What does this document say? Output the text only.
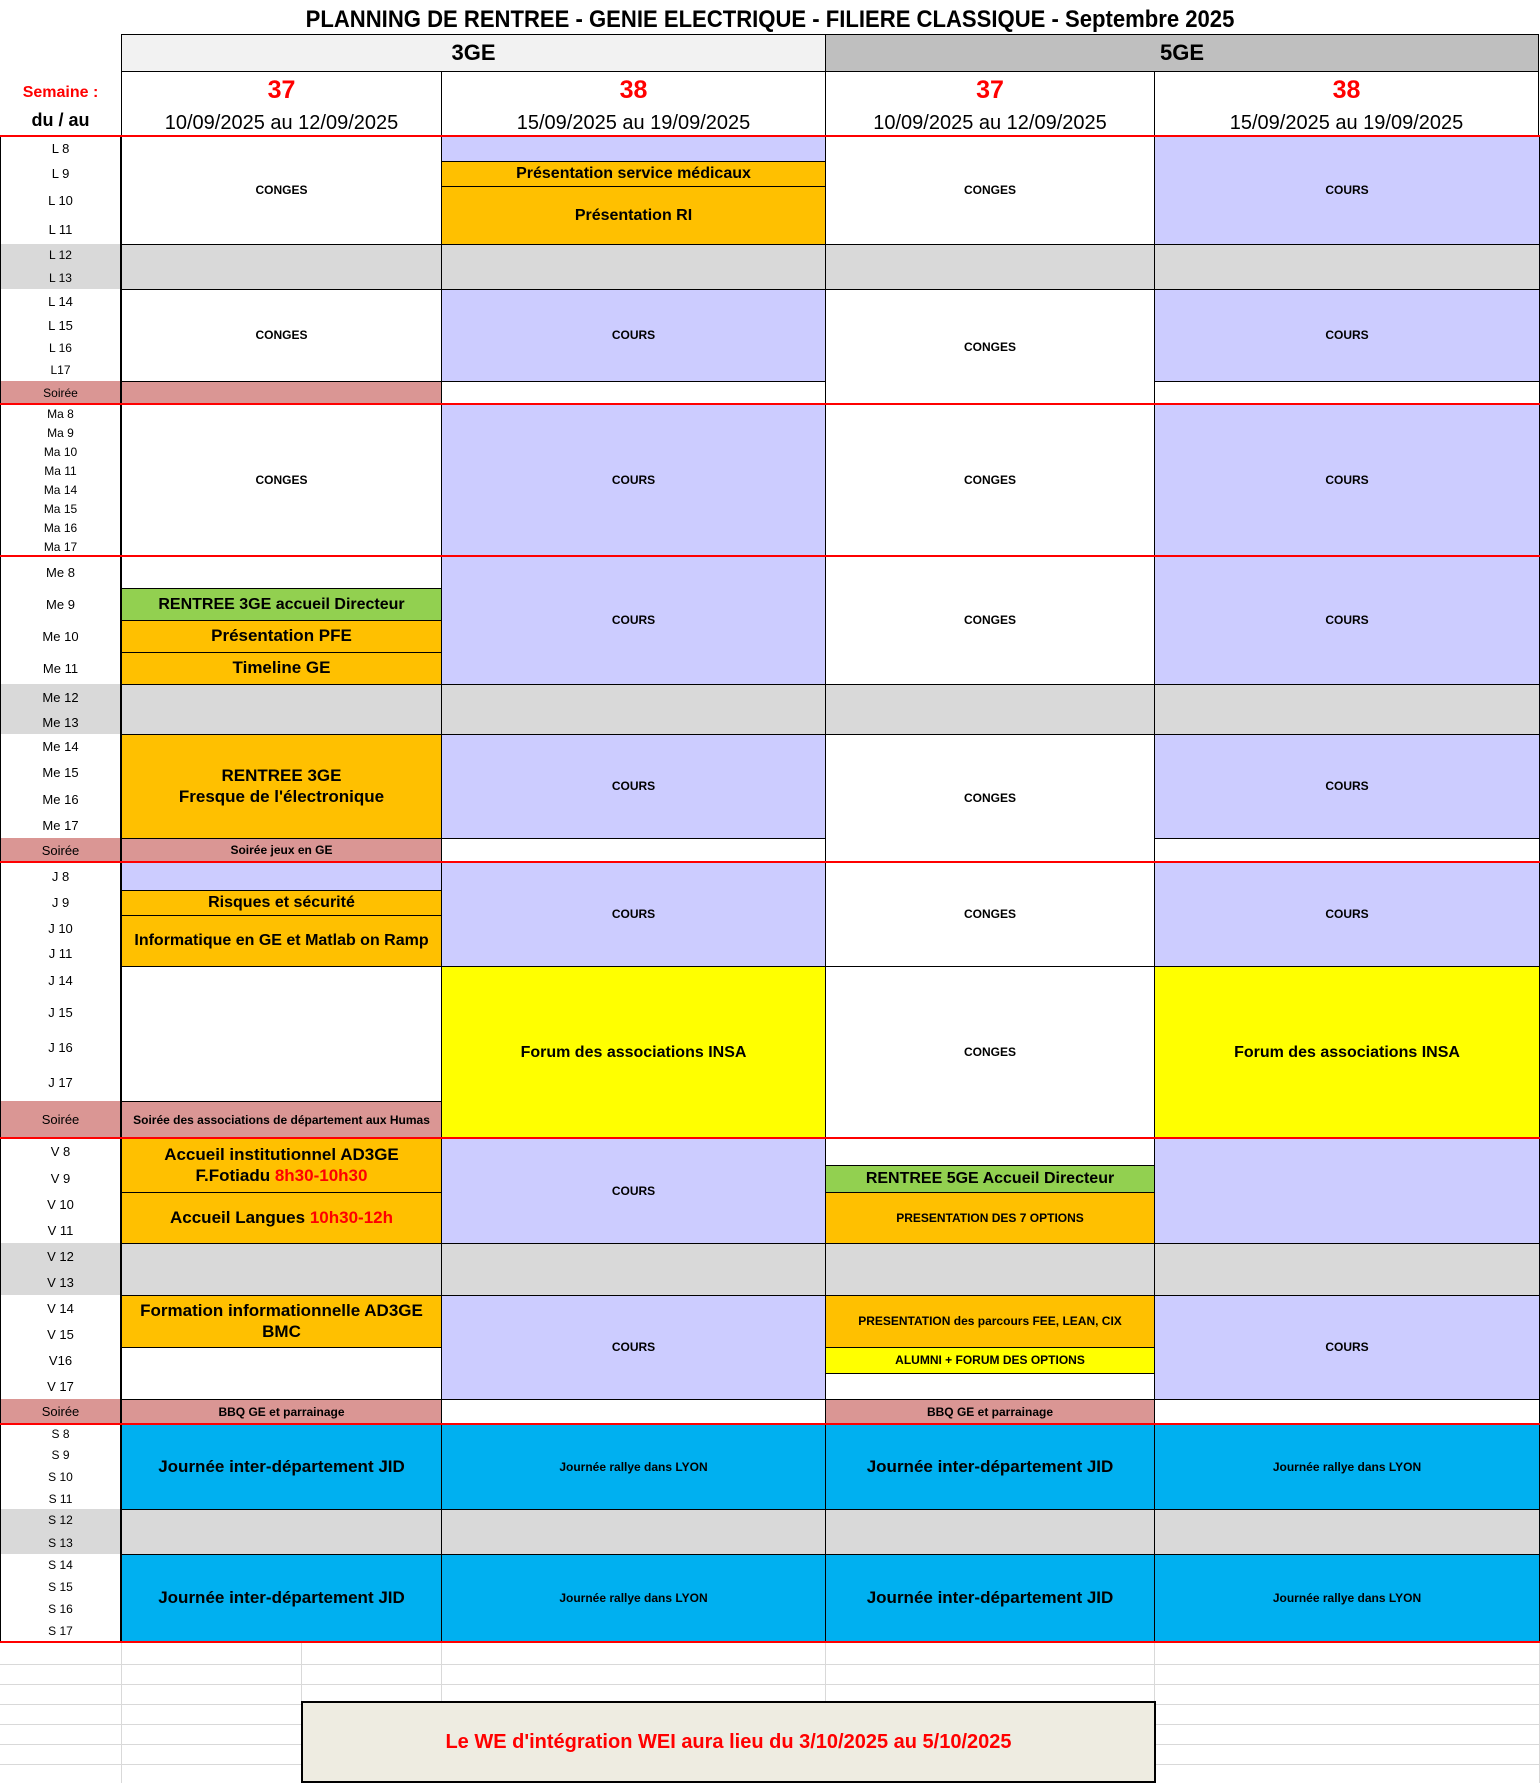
PLANNING DE RENTREE - GENIE ELECTRIQUE - FILIERE CLASSIQUE - Septembre 2025
3GE	5GE
Semaine :
du / au
37
10/09/2025 au 12/09/2025
38
15/09/2025 au 19/09/2025
37
10/09/2025 au 12/09/2025
38
15/09/2025 au 19/09/2025
L 8
L 9
L 10
L 11
L 12
L 13
L 14
L 15
L 16
L17
Soirée
Ma 8
Ma 9
Ma 10
Ma 11
Ma 14
Ma 15
Ma 16
Ma 17
Me 8
Me 9
Me 10
Me 11
Me 12
Me 13
Me 14
Me 15
Me 16
Me 17
Soirée
J 8
J 9
J 10
J 11
J 14
J 15
J 16
J 17
Soirée
V 8
V 9
V 10
V 11
V 12
V 13
V 14
V 15
V16
V 17
Soirée
S 8
S 9
S 10
S 11
S 12
S 13
S 14
S 15
S 16
S 17
CONGES
CONGES
CONGES
RENTREE 3GE accueil Directeur
Présentation PFE
Timeline GE
RENTREE 3GE
Fresque de l'électronique
Soirée jeux en GE
Risques et sécurité
Informatique en GE et Matlab on Ramp
Soirée des associations de département aux Humas
Accueil institutionnel AD3GE
F.Fotiadu 8h30-10h30
Accueil Langues 10h30-12h
Formation informationnelle AD3GE
BMC
BBQ GE et parrainage
Journée inter-département JID
Journée inter-département JID
Présentation service médicaux
Présentation RI
COURS
COURS
COURS
COURS
COURS
Forum des associations INSA
COURS
COURS
Journée rallye dans LYON
Journée rallye dans LYON
CONGES
CONGES
CONGES
CONGES
CONGES
CONGES
CONGES
RENTREE 5GE Accueil Directeur
PRESENTATION DES 7 OPTIONS
PRESENTATION des parcours FEE, LEAN, CIX
ALUMNI + FORUM DES OPTIONS
BBQ GE et parrainage
Journée inter-département JID
Journée inter-département JID
COURS
COURS
COURS
COURS
COURS
COURS
Forum des associations INSA
COURS
Journée rallye dans LYON
Journée rallye dans LYON
Le WE d'intégration WEI aura lieu du 3/10/2025 au 5/10/2025
